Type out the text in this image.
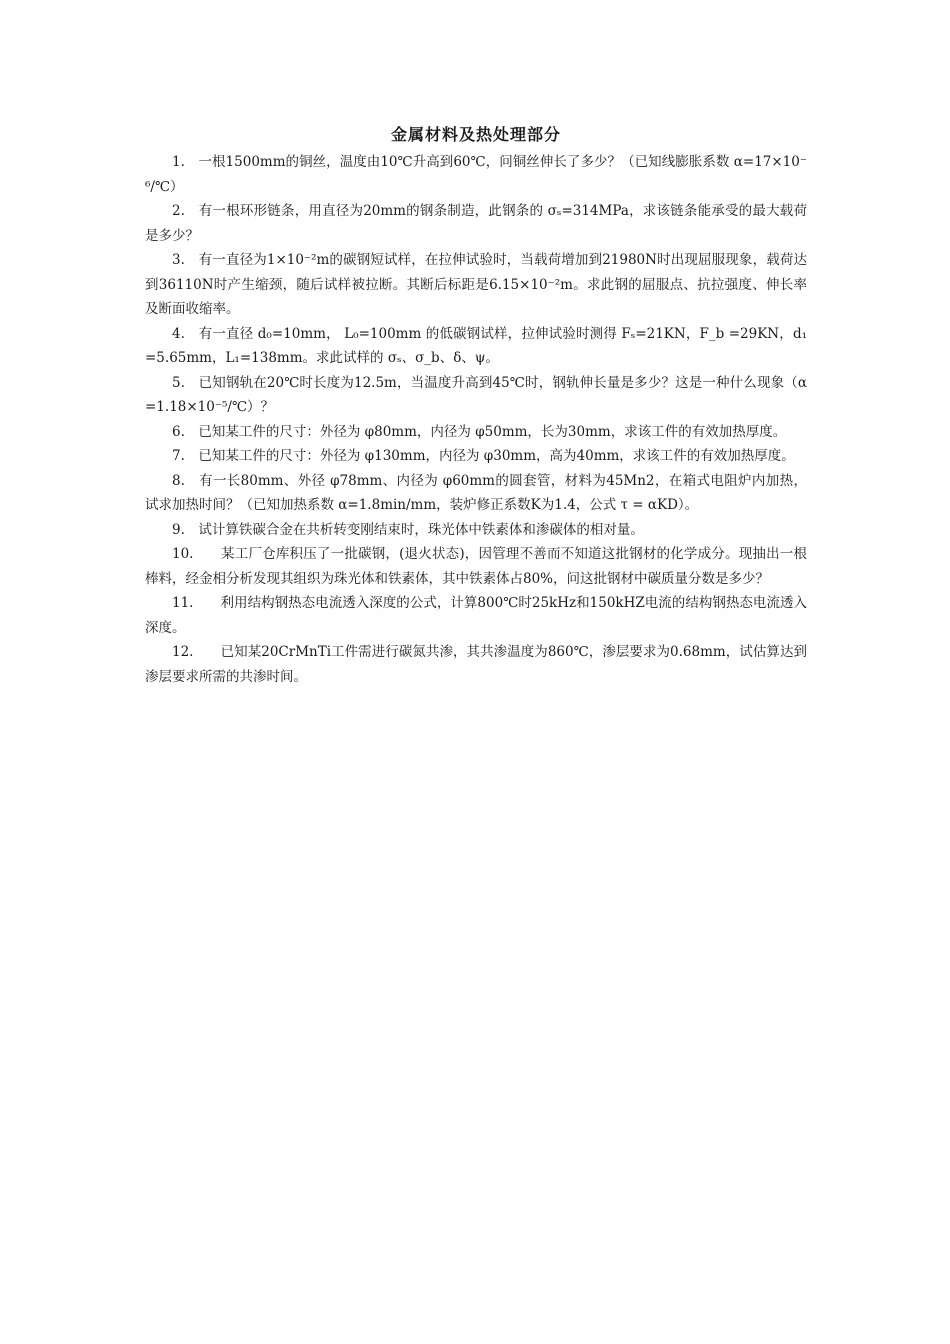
金属材料及热处理部分

1.　一根1500mm的铜丝，温度由10℃升高到60℃，问铜丝伸长了多少？（已知线膨胀系数 α=17×10⁻⁶/℃）

2.　有一根环形链条，用直径为20mm的钢条制造，此钢条的 σₛ=314MPa，求该链条能承受的最大载荷是多少？

3.　有一直径为1×10⁻²m的碳钢短试样，在拉伸试验时，当载荷增加到21980N时出现屈服现象，载荷达到36110N时产生缩颈，随后试样被拉断。其断后标距是6.15×10⁻²m。求此钢的屈服点、抗拉强度、伸长率及断面收缩率。

4.　有一直径 d₀=10mm， L₀=100mm 的低碳钢试样，拉伸试验时测得 Fₛ=21KN，F_b =29KN，d₁ =5.65mm，L₁=138mm。求此试样的 σₛ、σ_b、δ、ψ。

5.　已知钢轨在20℃时长度为12.5m，当温度升高到45℃时，钢轨伸长量是多少？这是一种什么现象（α=1.18×10⁻⁵/℃）？

6.　已知某工件的尺寸：外径为 φ80mm，内径为 φ50mm，长为30mm，求该工件的有效加热厚度。

7.　已知某工件的尺寸：外径为 φ130mm，内径为 φ30mm，高为40mm，求该工件的有效加热厚度。

8.　有一长80mm、外径 φ78mm、内径为 φ60mm的圆套管，材料为45Mn2，在箱式电阻炉内加热，试求加热时间？（已知加热系数 α=1.8min/mm，装炉修正系数K为1.4，公式 τ = αKD）。

9.　试计算铁碳合金在共析转变刚结束时，珠光体中铁素体和渗碳体的相对量。

10.　　某工厂仓库积压了一批碳钢，(退火状态)，因管理不善而不知道这批钢材的化学成分。现抽出一根棒料，经金相分析发现其组织为珠光体和铁素体，其中铁素体占80%，问这批钢材中碳质量分数是多少？

11.　　利用结构钢热态电流透入深度的公式，计算800℃时25kHz和150kHZ电流的结构钢热态电流透入深度。

12.　　已知某20CrMnTi工件需进行碳氮共渗，其共渗温度为860℃，渗层要求为0.68mm，试估算达到渗层要求所需的共渗时间。
